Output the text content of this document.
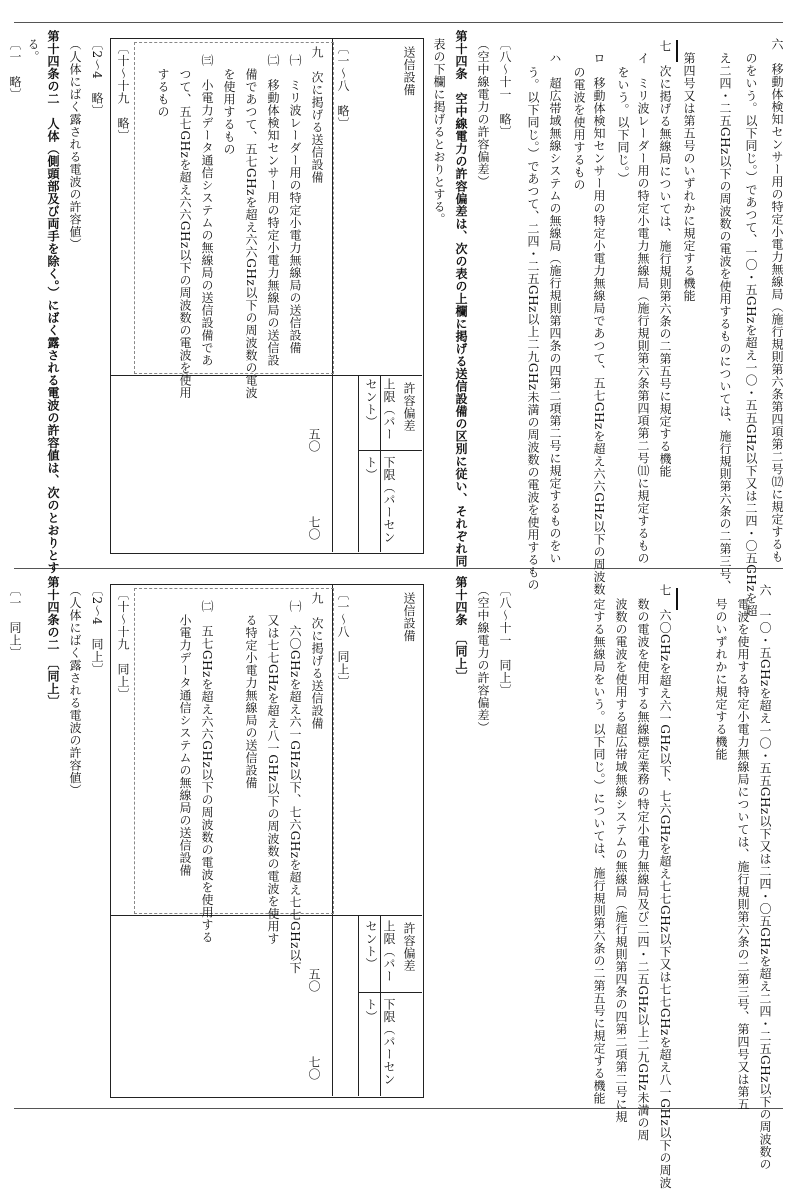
六　移動体検知センサー用の特定小電力無線局（施行規則第六条第四項第二号⑿に規定するも
のをいう。以下同じ。）であつて、一〇・五GHzを超え一〇・五五GHz以下又は二四・〇五GHzを超
え二四・二五GHz以下の周波数の電波を使用するものについては、施行規則第六条の二第三号、
第四号又は第五号のいずれかに規定する機能
七　次に掲げる無線局については、施行規則第六条の二第五号に規定する機能
イ　ミリ波レーダー用の特定小電力無線局（施行規則第六条第四項第二号⑾に規定するもの
をいう。以下同じ。）
ロ　移動体検知センサー用の特定小電力無線局であつて、五七GHzを超え六六GHz以下の周波数
の電波を使用するもの
ハ　超広帯域無線システムの無線局（施行規則第四条の四第二項第二号に規定するものをい
う。以下同じ。）であつて、二四・二五GHz以上二九GHz未満の周波数の電波を使用するもの
〔八〜十一　略〕
（空中線電力の許容偏差）
第十四条　空中線電力の許容偏差は、次の表の上欄に掲げる送信設備の区別に従い、それぞれ同
表の下欄に掲げるとおりとする。
送信設備
許容偏差
上限（パーセント）
下限（パーセント）
〔一〜八　略〕
九　次に掲げる送信設備
㈠　ミリ波レーダー用の特定小電力無線局の送信設備
㈡　移動体検知センサー用の特定小電力無線局の送信設
備であつて、五七GHzを超え六六GHz以下の周波数の電波
を使用するもの
㈢　小電力データ通信システムの無線局の送信設備であ
つて、五七GHzを超え六六GHz以下の周波数の電波を使用
するもの
五〇
七〇
〔十〜十九　略〕
〔2〜4　略〕
（人体にばく露される電波の許容値）
第十四条の二　人体（側頭部及び両手を除く。）にばく露される電波の許容値は、次のとおりとす
る。
〔一　略〕
六　一〇・五GHzを超え一〇・五五GHz以下又は二四・〇五GHzを超え二四・二五GHz以下の周波数の
電波を使用する特定小電力無線局については、施行規則第六条の二第三号、第四号又は第五
号のいずれかに規定する機能
七　六〇GHzを超え六一GHz以下、七六GHzを超え七七GHz以下又は七七GHzを超え八一GHz以下の周波
数の電波を使用する無線標定業務の特定小電力無線局及び二四・二五GHz以上二九GHz未満の周
波数の電波を使用する超広帯域無線システムの無線局（施行規則第四条の四第二項第二号に規
定する無線局をいう。以下同じ。）については、施行規則第六条の二第五号に規定する機能
〔八〜十一　同上〕
（空中線電力の許容偏差）
第十四条　〔同上〕
送信設備
許容偏差
上限（パーセント）
下限（パーセント）
〔一〜八　同上〕
九　次に掲げる送信設備
㈠　六〇GHzを超え六一GHz以下、七六GHzを超え七七GHz以下
又は七七GHzを超え八一GHz以下の周波数の電波を使用す
る特定小電力無線局の送信設備
㈡　五七GHzを超え六六GHz以下の周波数の電波を使用する
小電力データ通信システムの無線局の送信設備
五〇
七〇
〔十〜十九　同上〕
〔2〜4　同上〕
（人体にばく露される電波の許容値）
第十四条の二　〔同上〕
〔一　同上〕
